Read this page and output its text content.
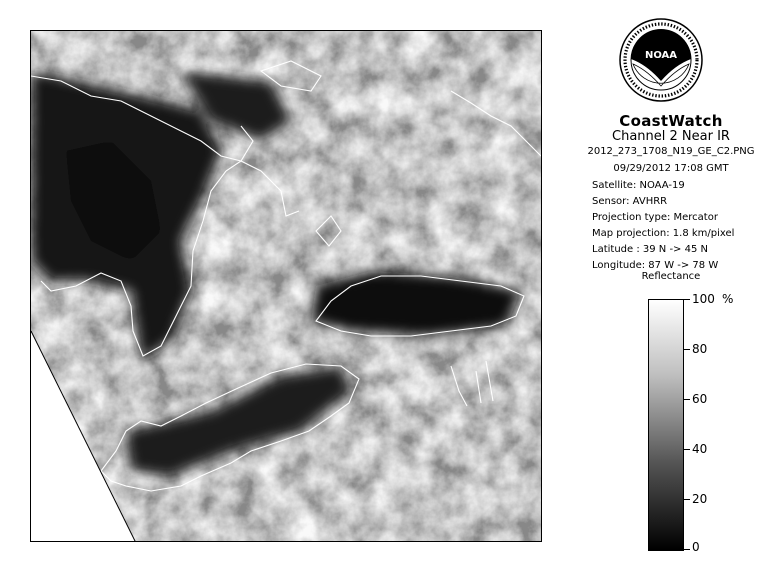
NOAA
CoastWatch
Channel 2 Near IR
2012_273_1708_N19_GE_C2.PNG
09/29/2012 17:08 GMT
Satellite: NOAA-19
Sensor: AVHRR
Projection type: Mercator
Map projection: 1.8 km/pixel
Latitude : 39 N -> 45 N
Longitude: 87 W -> 78 W
Reflectance
100
80
60
40
20
0
%
